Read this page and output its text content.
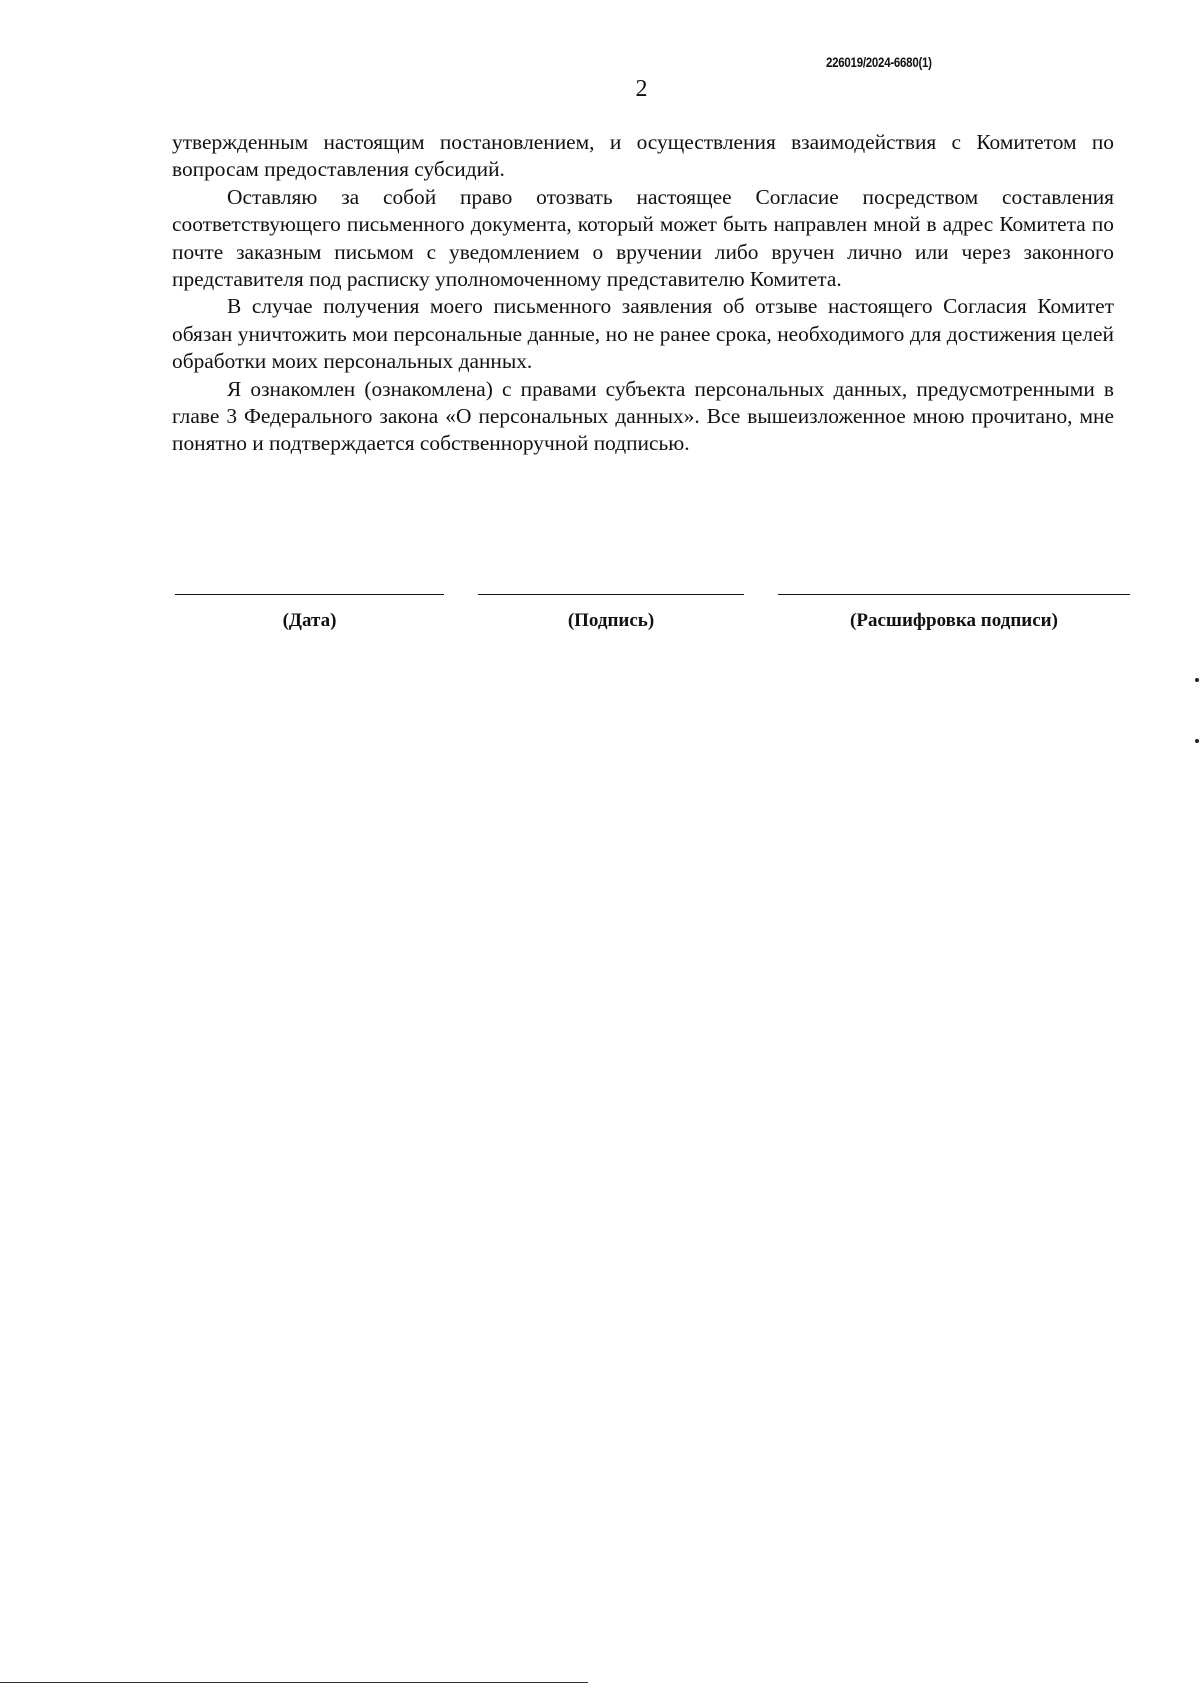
226019/2024-6680(1)
2

утвержденным настоящим постановлением, и осуществления взаимодействия с Комитетом по вопросам предоставления субсидий.

Оставляю за собой право отозвать настоящее Согласие посредством составления соответствующего письменного документа, который может быть направлен мной в адрес Комитета по почте заказным письмом с уведомлением о вручении либо вручен лично или через законного представителя под расписку уполномоченному представителю Комитета.

В случае получения моего письменного заявления об отзыве настоящего Согласия Комитет обязан уничтожить мои персональные данные, но не ранее срока, необходимого для достижения целей обработки моих персональных данных.

Я ознакомлен (ознакомлена) с правами субъекта персональных данных, предусмотренными в главе 3 Федерального закона «О персональных данных». Все вышеизложенное мною прочитано, мне понятно и подтверждается собственноручной подписью.

(Дата)	(Подпись)	(Расшифровка подписи)
